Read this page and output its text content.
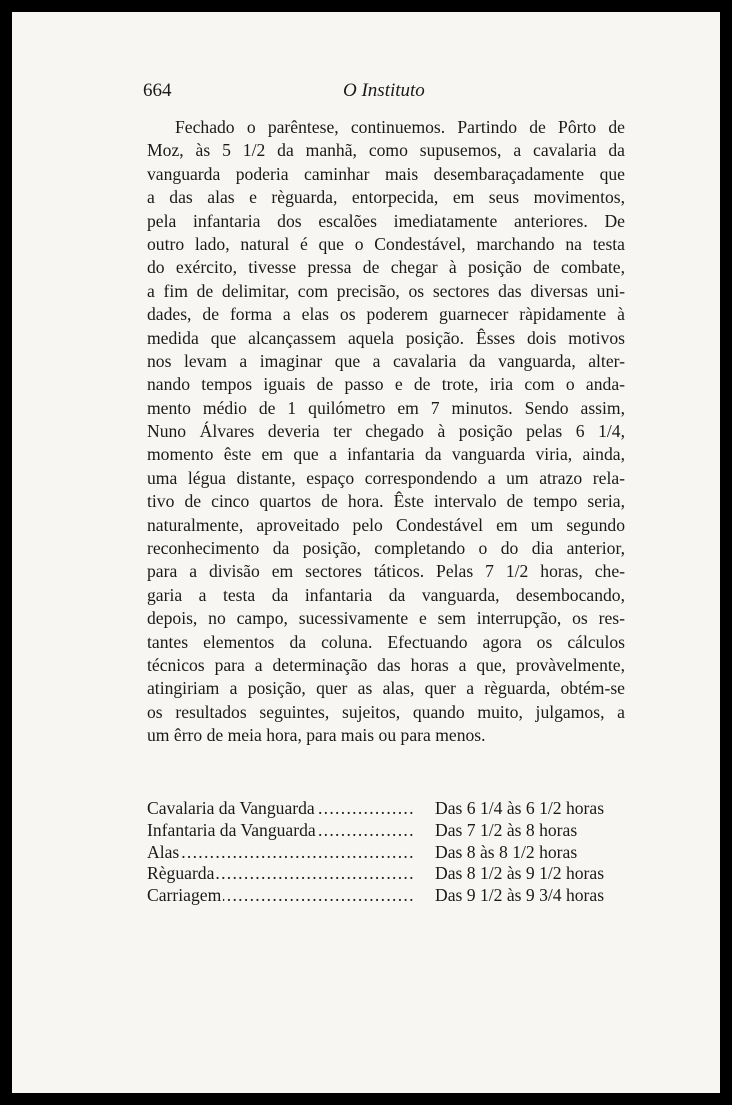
664	O Instituto
Fechado o parêntese, continuemos. Partindo de Pôrto de
Moz, às 5 1/2 da manhã, como supusemos, a cavalaria da
vanguarda poderia caminhar mais desembaraçadamente que
a das alas e règuarda, entorpecida, em seus movimentos,
pela infantaria dos escalões imediatamente anteriores. De
outro lado, natural é que o Condestável, marchando na testa
do exército, tivesse pressa de chegar à posição de combate,
a fim de delimitar, com precisão, os sectores das diversas uni-
dades, de forma a elas os poderem guarnecer ràpidamente à
medida que alcançassem aquela posição. Êsses dois motivos
nos levam a imaginar que a cavalaria da vanguarda, alter-
nando tempos iguais de passo e de trote, iria com o anda-
mento médio de 1 quilómetro em 7 minutos. Sendo assim,
Nuno Álvares deveria ter chegado à posição pelas 6 1/4,
momento êste em que a infantaria da vanguarda viria, ainda,
uma légua distante, espaço correspondendo a um atrazo rela-
tivo de cinco quartos de hora. Êste intervalo de tempo seria,
naturalmente, aproveitado pelo Condestável em um segundo
reconhecimento da posição, completando o do dia anterior,
para a divisão em sectores táticos. Pelas 7 1/2 horas, che-
garia a testa da infantaria da vanguarda, desembocando,
depois, no campo, sucessivamente e sem interrupção, os res-
tantes elementos da coluna. Efectuando agora os cálculos
técnicos para a determinação das horas a que, provàvelmente,
atingiriam a posição, quer as alas, quer a règuarda, obtém-se
os resultados seguintes, sujeitos, quando muito, julgamos, a
um êrro de meia hora, para mais ou para menos.
Cavalaria da Vanguarda .....	Das 6 1/4 às 6 1/2 horas
Infantaria da Vanguarda .....	Das 7 1/2 às 8 horas
Alas .....	Das 8 às 8 1/2 horas
Règuarda .....	Das 8 1/2 às 9 1/2 horas
Carriagem .....	Das 9 1/2 às 9 3/4 horas
